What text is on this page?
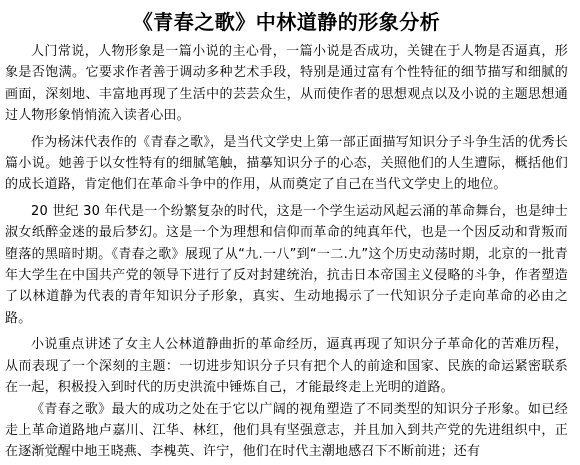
《青春之歌》中林道静的形象分析

人门常说，人物形象是一篇小说的主心骨，一篇小说是否成功，关键在于人物是否逼真，形象是否饱满。它要求作者善于调动多种艺术手段，特别是通过富有个性特征的细节描写和细腻的画面，深刻地、丰富地再现了生活中的芸芸众生，从而使作者的思想观点以及小说的主题思想通过人物形象悄悄流入读者心田。

作为杨沫代表作的《青春之歌》，是当代文学史上第一部正面描写知识分子斗争生活的优秀长篇小说。她善于以女性特有的细腻笔触，描摹知识分子的心态，关照他们的人生遭际，概括他们的成长道路，肯定他们在革命斗争中的作用，从而奠定了自己在当代文学史上的地位。

20 世纪 30 年代是一个纷繁复杂的时代，这是一个学生运动风起云涌的革命舞台，也是绅士淑女纸醉金迷的最后梦幻。这是一个为理想和信仰而革命的纯真年代，也是一个因反动和背叛而堕落的黑暗时期。《青春之歌》展现了从“九.一八”到“一二.九”这个历史动荡时期，北京的一批青年大学生在中国共产党的领导下进行了反对封建统治，抗击日本帝国主义侵略的斗争，作者塑造了以林道静为代表的青年知识分子形象，真实、生动地揭示了一代知识分子走向革命的必由之路。

小说重点讲述了女主人公林道静曲折的革命经历，逼真再现了知识分子革命化的苦难历程，从而表现了一个深刻的主题：一切进步知识分子只有把个人的前途和国家、民族的命运紧密联系在一起，积极投入到时代的历史洪流中锤炼自己，才能最终走上光明的道路。

《青春之歌》最大的成功之处在于它以广阔的视角塑造了不同类型的知识分子形象。如已经走上革命道路地卢嘉川、江华、林红，他们具有坚强意志，并且加入到共产党的先进组织中，正在逐渐觉醒中地王晓燕、李槐英、许宁，他们在时代主潮地感召下不断前进；还有
